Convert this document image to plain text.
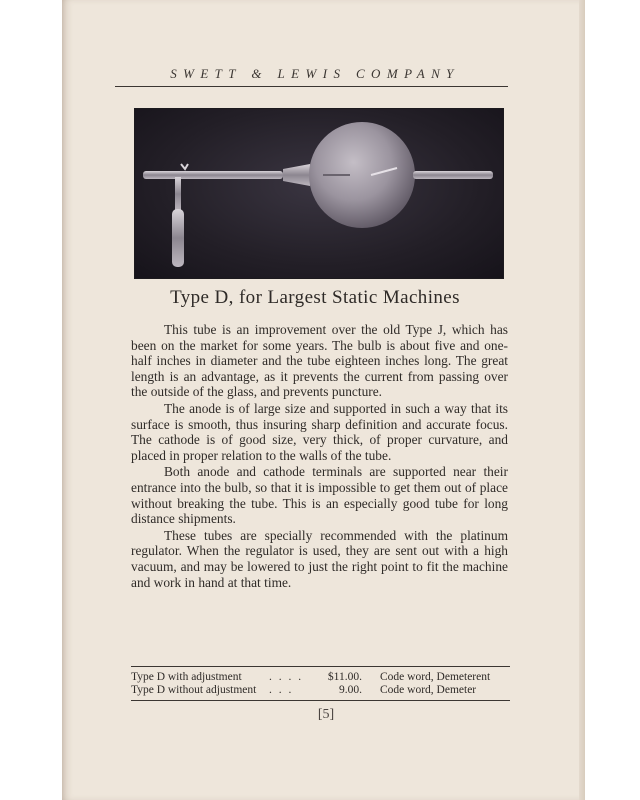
SWETT & LEWIS COMPANY
Type D, for Largest Static Machines

This tube is an improvement over the old Type J, which has been on the market for some years. The bulb is about five and one-half inches in diameter and the tube eighteen inches long. The great length is an advantage, as it prevents the current from passing over the outside of the glass, and prevents puncture.

The anode is of large size and supported in such a way that its surface is smooth, thus insuring sharp definition and accurate focus. The cathode is of good size, very thick, of proper curvature, and placed in proper relation to the walls of the tube.

Both anode and cathode terminals are supported near their entrance into the bulb, so that it is impossible to get them out of place without breaking the tube. This is an especially good tube for long distance shipments.

These tubes are specially recommended with the platinum regulator. When the regulator is used, they are sent out with a high vacuum, and may be lowered to just the right point to fit the machine and work in hand at that time.

Type D with adjustment	. . . .	$11.00. Code word, Demeterent
Type D without adjustment	. . .	9.00. Code word, Demeter
[5]
